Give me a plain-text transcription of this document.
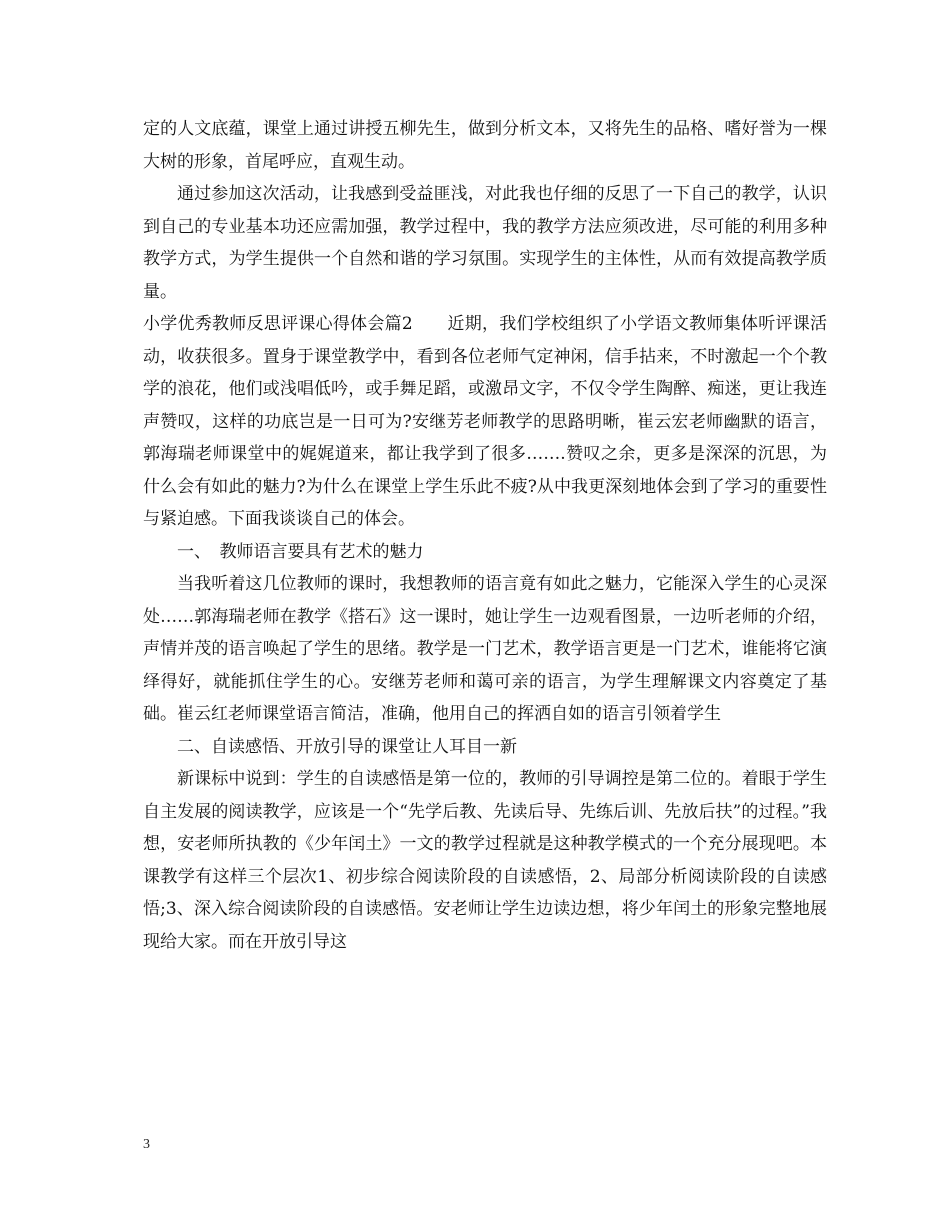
定的人文底蕴，课堂上通过讲授五柳先生，做到分析文本，又将先生的品格、嗜好誉为一棵大树的形象，首尾呼应，直观生动。

通过参加这次活动，让我感到受益匪浅，对此我也仔细的反思了一下自己的教学，认识到自己的专业基本功还应需加强，教学过程中，我的教学方法应须改进，尽可能的利用多种教学方式，为学生提供一个自然和谐的学习氛围。实现学生的主体性，从而有效提高教学质量。

小学优秀教师反思评课心得体会篇2　　近期，我们学校组织了小学语文教师集体听评课活动，收获很多。置身于课堂教学中，看到各位老师气定神闲，信手拈来，不时激起一个个教学的浪花，他们或浅唱低吟，或手舞足蹈，或激昂文字，不仅令学生陶醉、痴迷，更让我连声赞叹，这样的功底岂是一日可为?安继芳老师教学的思路明晰，崔云宏老师幽默的语言，郭海瑞老师课堂中的娓娓道来，都让我学到了很多…….赞叹之余，更多是深深的沉思，为什么会有如此的魅力?为什么在课堂上学生乐此不疲?从中我更深刻地体会到了学习的重要性与紧迫感。下面我谈谈自己的体会。

一、　教师语言要具有艺术的魅力

当我听着这几位教师的课时，我想教师的语言竟有如此之魅力，它能深入学生的心灵深处……郭海瑞老师在教学《搭石》这一课时，她让学生一边观看图景，一边听老师的介绍，声情并茂的语言唤起了学生的思绪。教学是一门艺术，教学语言更是一门艺术，谁能将它演绎得好，就能抓住学生的心。安继芳老师和蔼可亲的语言，为学生理解课文内容奠定了基础。崔云红老师课堂语言简洁，准确，他用自己的挥洒自如的语言引领着学生

二、自读感悟、开放引导的课堂让人耳目一新

新课标中说到：学生的自读感悟是第一位的，教师的引导调控是第二位的。着眼于学生自主发展的阅读教学，应该是一个“先学后教、先读后导、先练后训、先放后扶”的过程。”我想，安老师所执教的《少年闰土》一文的教学过程就是这种教学模式的一个充分展现吧。本课教学有这样三个层次1、初步综合阅读阶段的自读感悟，2、局部分析阅读阶段的自读感悟;3、深入综合阅读阶段的自读感悟。安老师让学生边读边想，将少年闰土的形象完整地展现给大家。而在开放引导这

3
